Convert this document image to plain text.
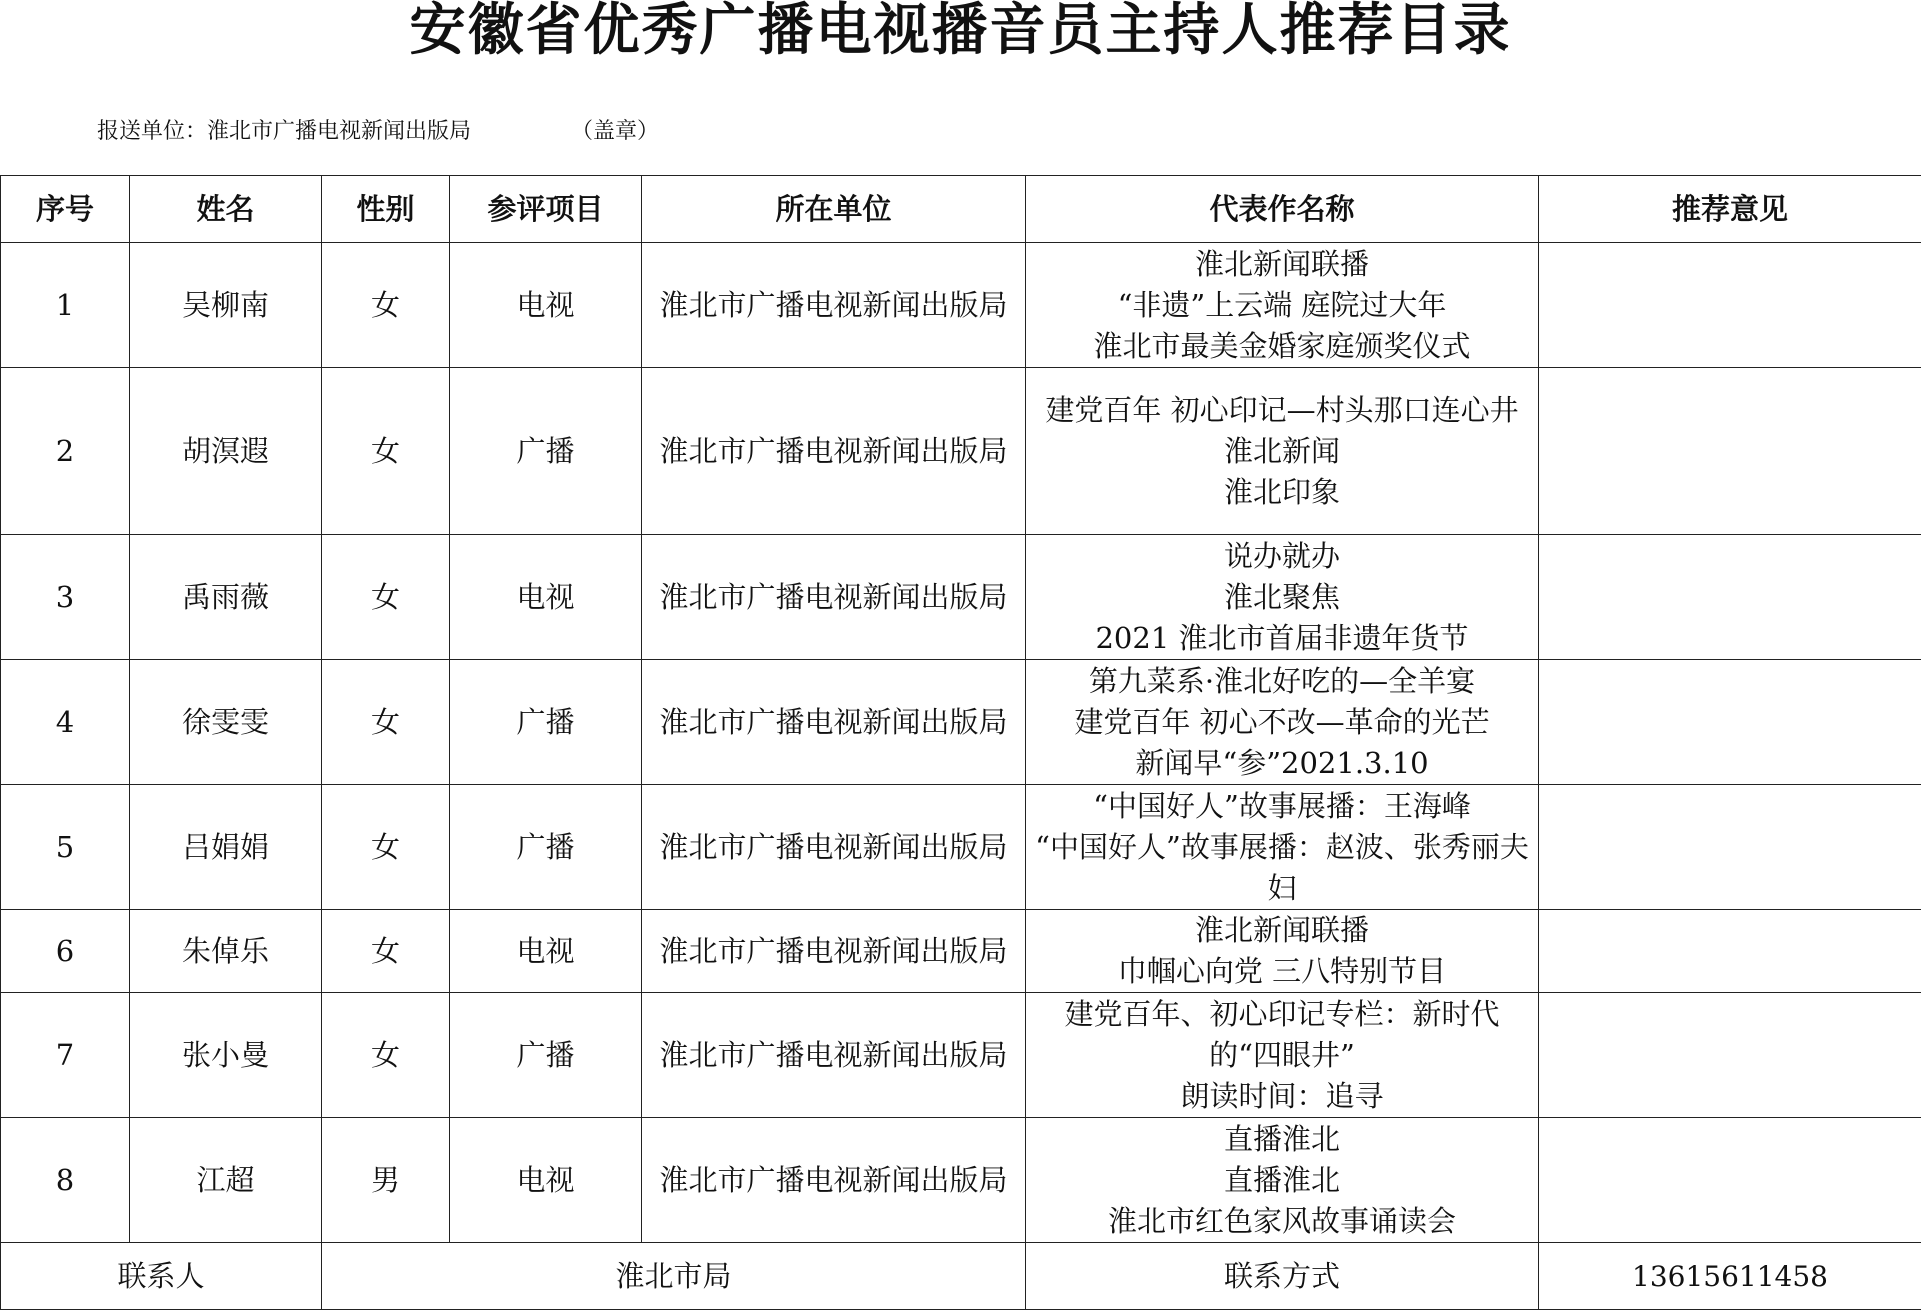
安徽省优秀广播电视播音员主持人推荐目录
报送单位：淮北市广播电视新闻出版局	（盖章）
序号	姓名	性别	参评项目	所在单位	代表作名称	推荐意见
1	吴柳南	女	电视	淮北市广播电视新闻出版局	淮北新闻联播
“非遗”上云端 庭院过大年
淮北市最美金婚家庭颁奖仪式	

2	胡溟遐	女	广播	淮北市广播电视新闻出版局	建党百年 初心印记—村头那口连心井
淮北新闻
淮北印象	

3	禹雨薇	女	电视	淮北市广播电视新闻出版局	说办就办
淮北聚焦
2021 淮北市首届非遗年货节	

4	徐雯雯	女	广播	淮北市广播电视新闻出版局	第九菜系·淮北好吃的—全羊宴
建党百年 初心不改—革命的光芒
新闻早“参”2021.3.10	

5	吕娟娟	女	广播	淮北市广播电视新闻出版局	“中国好人”故事展播：王海峰
“中国好人”故事展播：赵波、张秀丽夫妇	

6	朱倬乐	女	电视	淮北市广播电视新闻出版局	淮北新闻联播
巾帼心向党 三八特别节目	

7	张小曼	女	广播	淮北市广播电视新闻出版局	建党百年、初心印记专栏：新时代的“四眼井”
朗读时间：追寻	

8	江超	男	电视	淮北市广播电视新闻出版局	直播淮北
直播淮北
淮北市红色家风故事诵读会	

联系人		淮北市局			联系方式	13615611458
